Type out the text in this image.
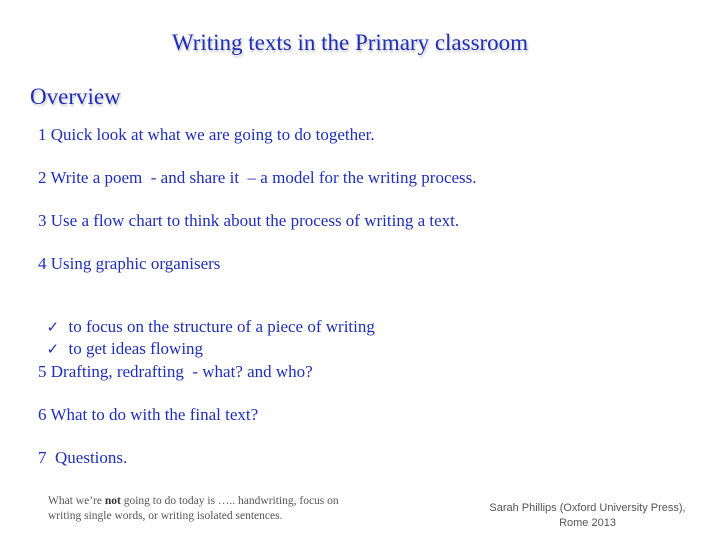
Writing texts in the Primary classroom
Overview
1 Quick look at what we are going to do together.
2 Write a poem  - and share it  – a model for the writing process.
3 Use a flow chart to think about the process of writing a text.
4 Using graphic organisers

✓ to focus on the structure of a piece of writing

✓ to get ideas flowing

5 Drafting, redrafting  - what? and who?
6 What to do with the final text?
7  Questions.
What we’re not going to do today is ….. handwriting, focus on writing single words, or writing isolated sentences.
Sarah Phillips (Oxford University Press),
Rome 2013
